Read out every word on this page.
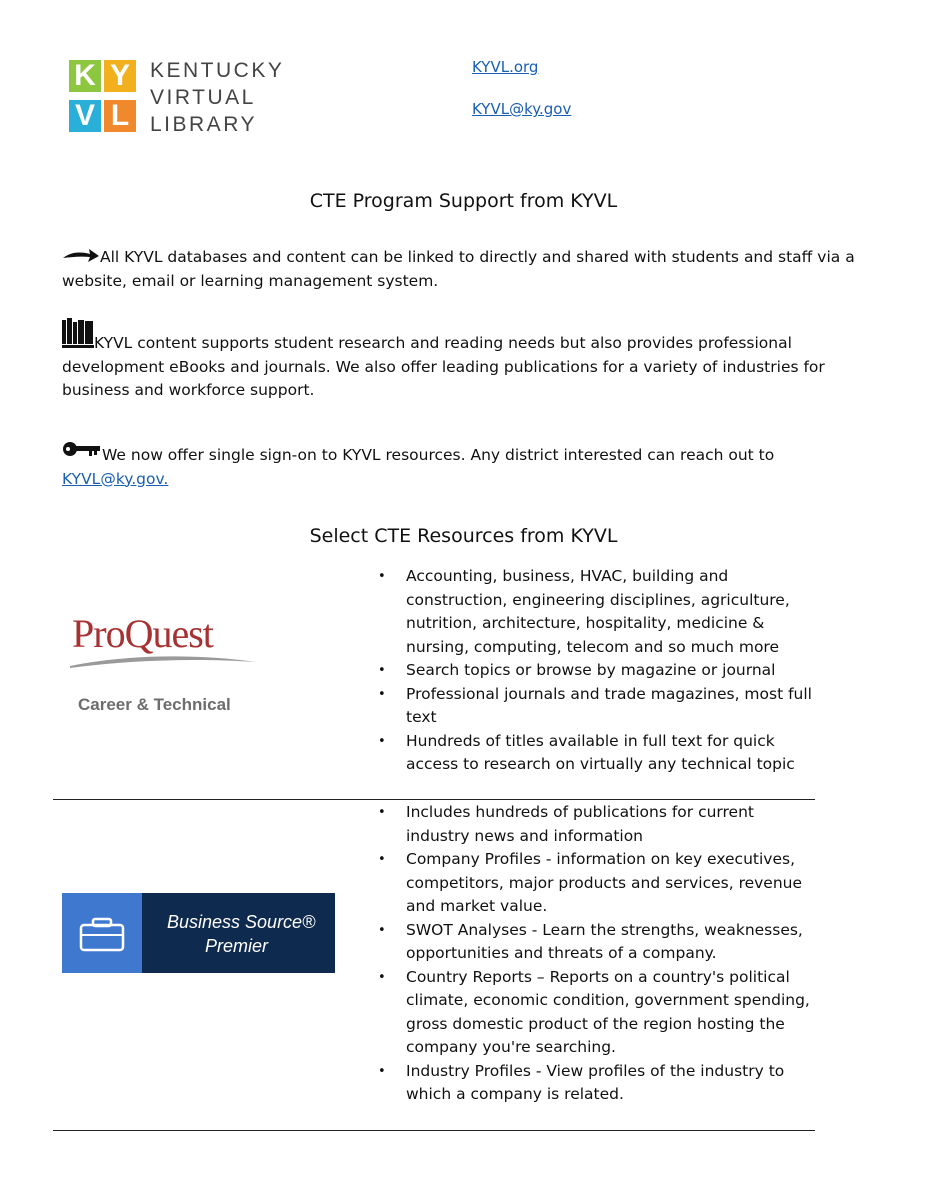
K Y
V L
KENTUCKY
VIRTUAL
LIBRARY
KYVL.org
KYVL@ky.gov
CTE Program Support from KYVL
All KYVL databases and content can be linked to directly and shared with students and staff via a website, email or learning management system.
KYVL content supports student research and reading needs but also provides professional development eBooks and journals. We also offer leading publications for a variety of industries for business and workforce support.
We now offer single sign-on to KYVL resources. Any district interested can reach out to KYVL@ky.gov.
Select CTE Resources from KYVL
ProQuest
Career & Technical
• Accounting, business, HVAC, building and construction, engineering disciplines, agriculture, nutrition, architecture, hospitality, medicine & nursing, computing, telecom and so much more
• Search topics or browse by magazine or journal
• Professional journals and trade magazines, most full text
• Hundreds of titles available in full text for quick access to research on virtually any technical topic
Business Source®
Premier
• Includes hundreds of publications for current industry news and information
• Company Profiles - information on key executives, competitors, major products and services, revenue and market value.
• SWOT Analyses - Learn the strengths, weaknesses, opportunities and threats of a company.
• Country Reports – Reports on a country's political climate, economic condition, government spending, gross domestic product of the region hosting the company you're searching.
• Industry Profiles - View profiles of the industry to which a company is related.
